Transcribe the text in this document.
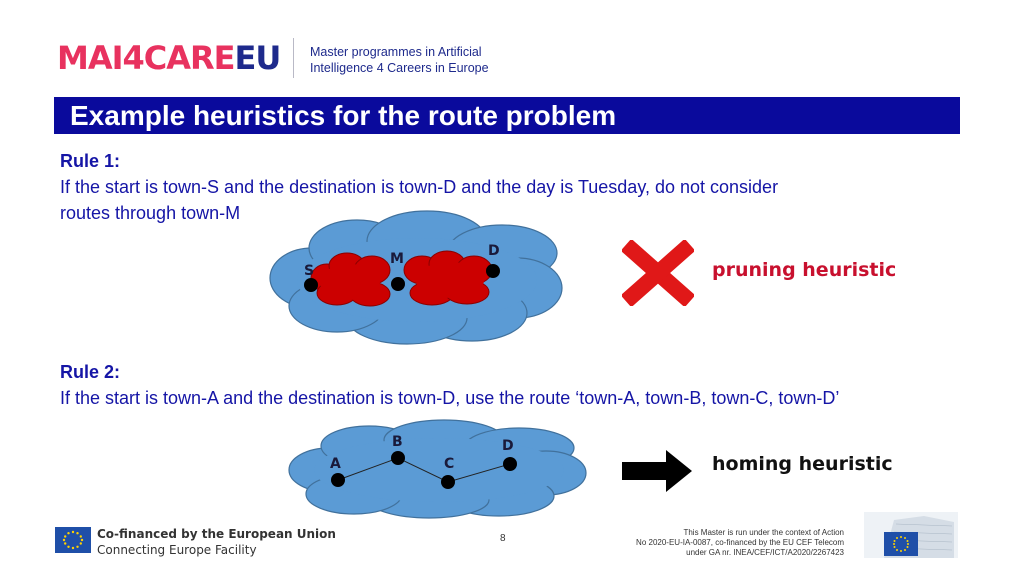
MAI4CAREEU Master programmes in Artificial
Intelligence 4 Careers in Europe
Example heuristics for the route problem
Rule 1:
If the start is town-S and the destination is town-D and the day is Tuesday, do not consider
routes through town-M
S
M	D
pruning heuristic
Rule 2:
If the start is town-A and the destination is town-D, use the route ‘town-A, town-B, town-C, town-D’
A
B
C
D
homing heuristic
Co-financed by the European Union
Connecting Europe Facility
8
This Master is run under the context of Action
No 2020-EU-IA-0087, co-financed by the EU CEF Telecom
under GA nr. INEA/CEF/ICT/A2020/2267423
